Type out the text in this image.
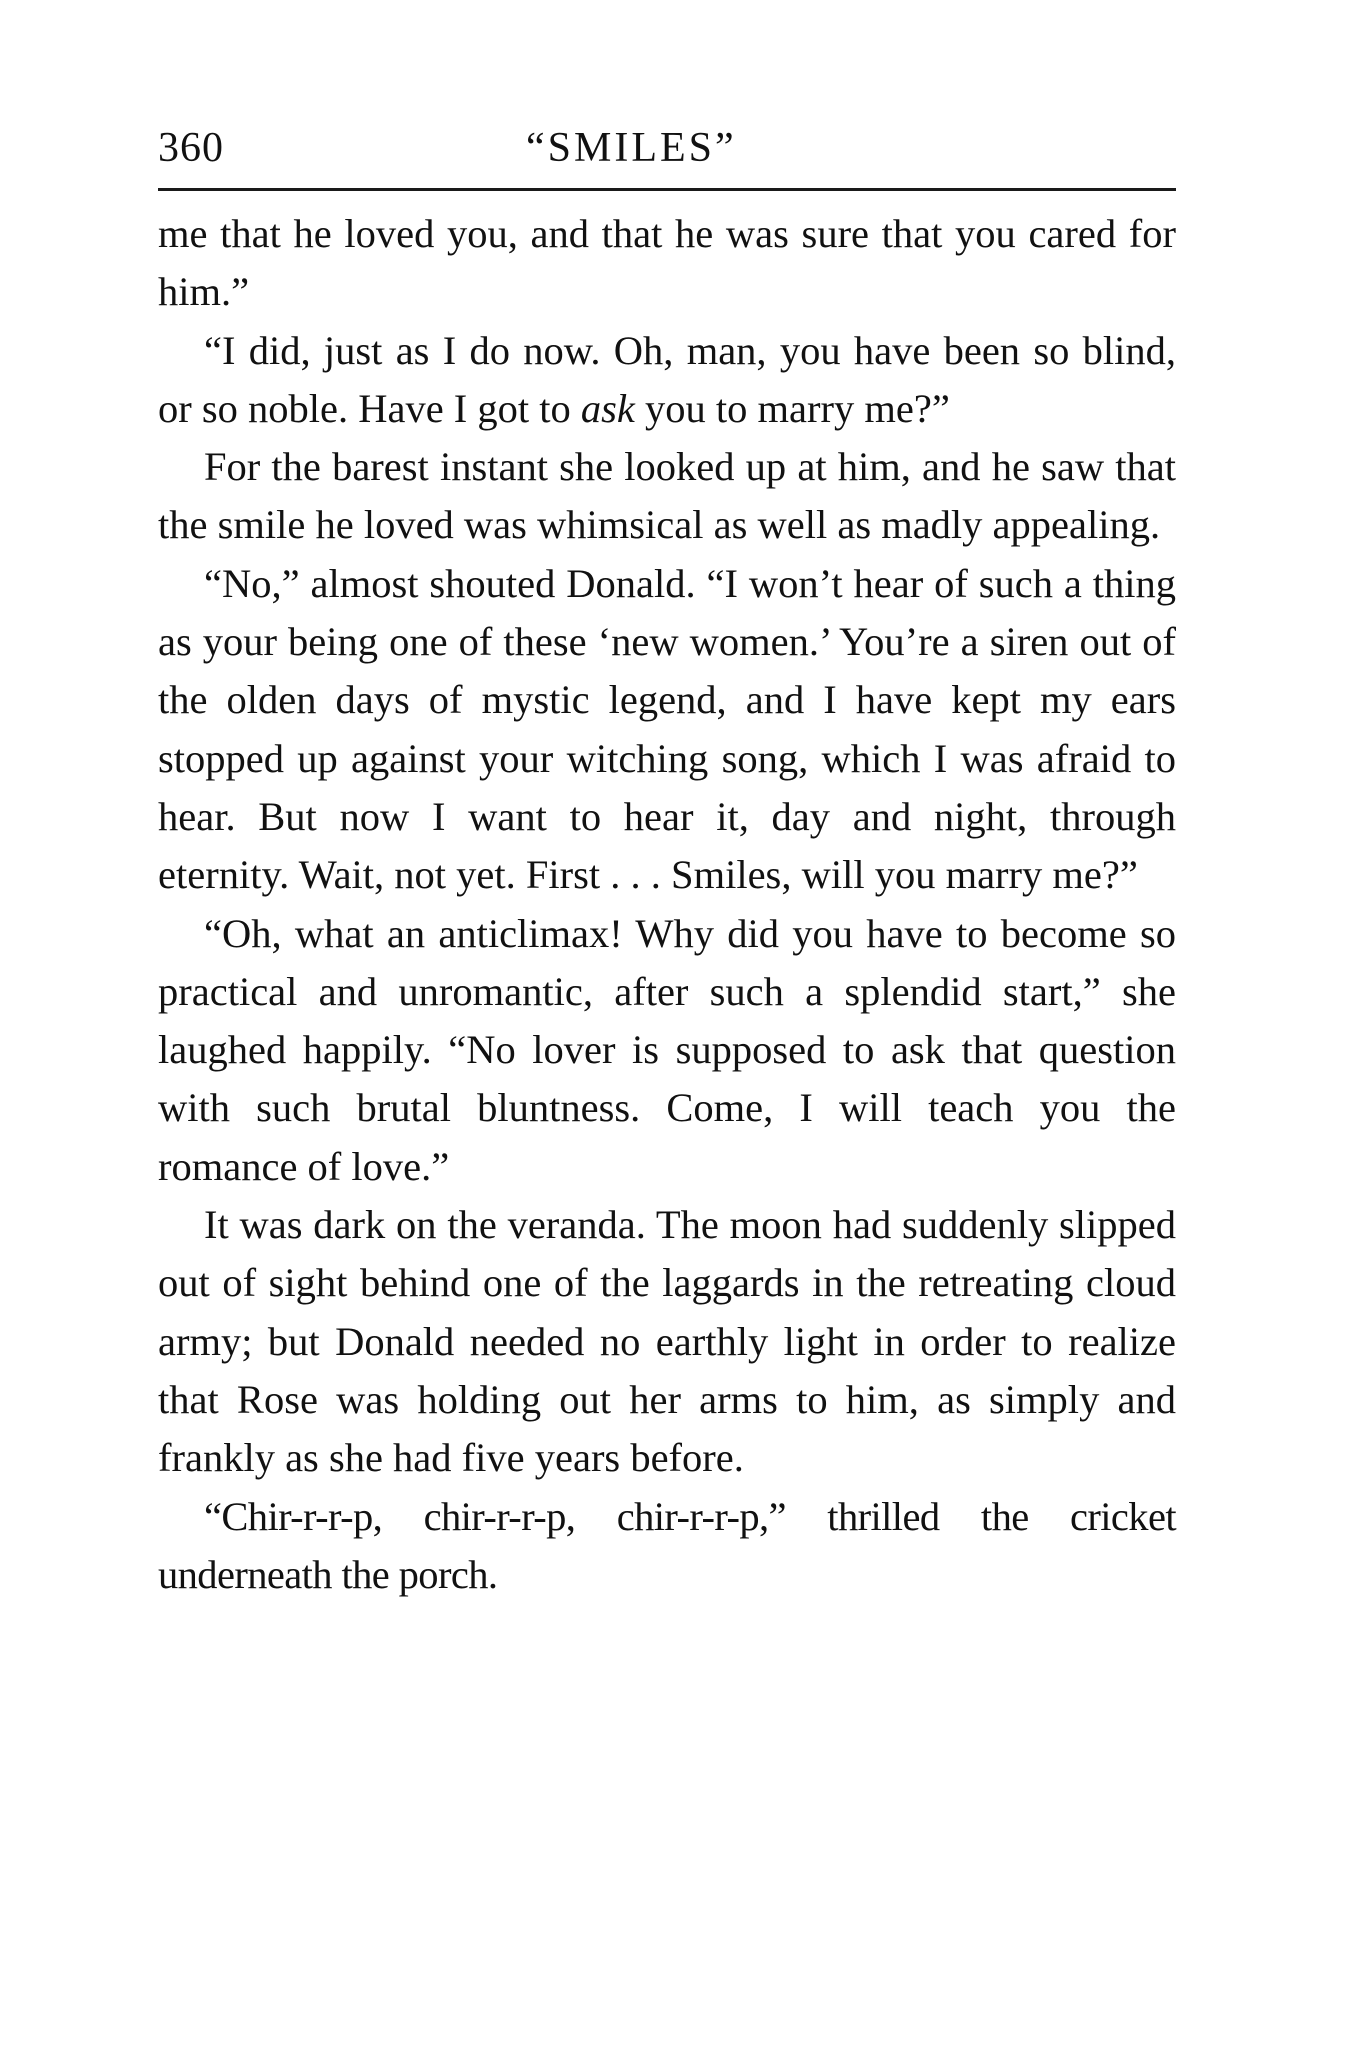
360	“SMILES”

me that he loved you, and that he was sure that you cared for him.”

“I did, just as I do now. Oh, man, you have been so blind, or so noble. Have I got to ask you to marry me?”

For the barest instant she looked up at him, and he saw that the smile he loved was whimsical as well as madly appealing.

“No,” almost shouted Donald. “I won’t hear of such a thing as your being one of these ‘new women.’ You’re a siren out of the olden days of mystic legend, and I have kept my ears stopped up against your witching song, which I was afraid to hear. But now I want to hear it, day and night, through eternity. Wait, not yet. First . . . Smiles, will you marry me?”

“Oh, what an anticlimax! Why did you have to become so practical and unromantic, after such a splendid start,” she laughed happily. “No lover is supposed to ask that question with such brutal bluntness. Come, I will teach you the romance of love.”

It was dark on the veranda. The moon had suddenly slipped out of sight behind one of the laggards in the retreating cloud army; but Donald needed no earthly light in order to realize that Rose was holding out her arms to him, as simply and frankly as she had five years before.

“Chir-r-r-p, chir-r-r-p, chir-r-r-p,” thrilled the cricket underneath the porch.
